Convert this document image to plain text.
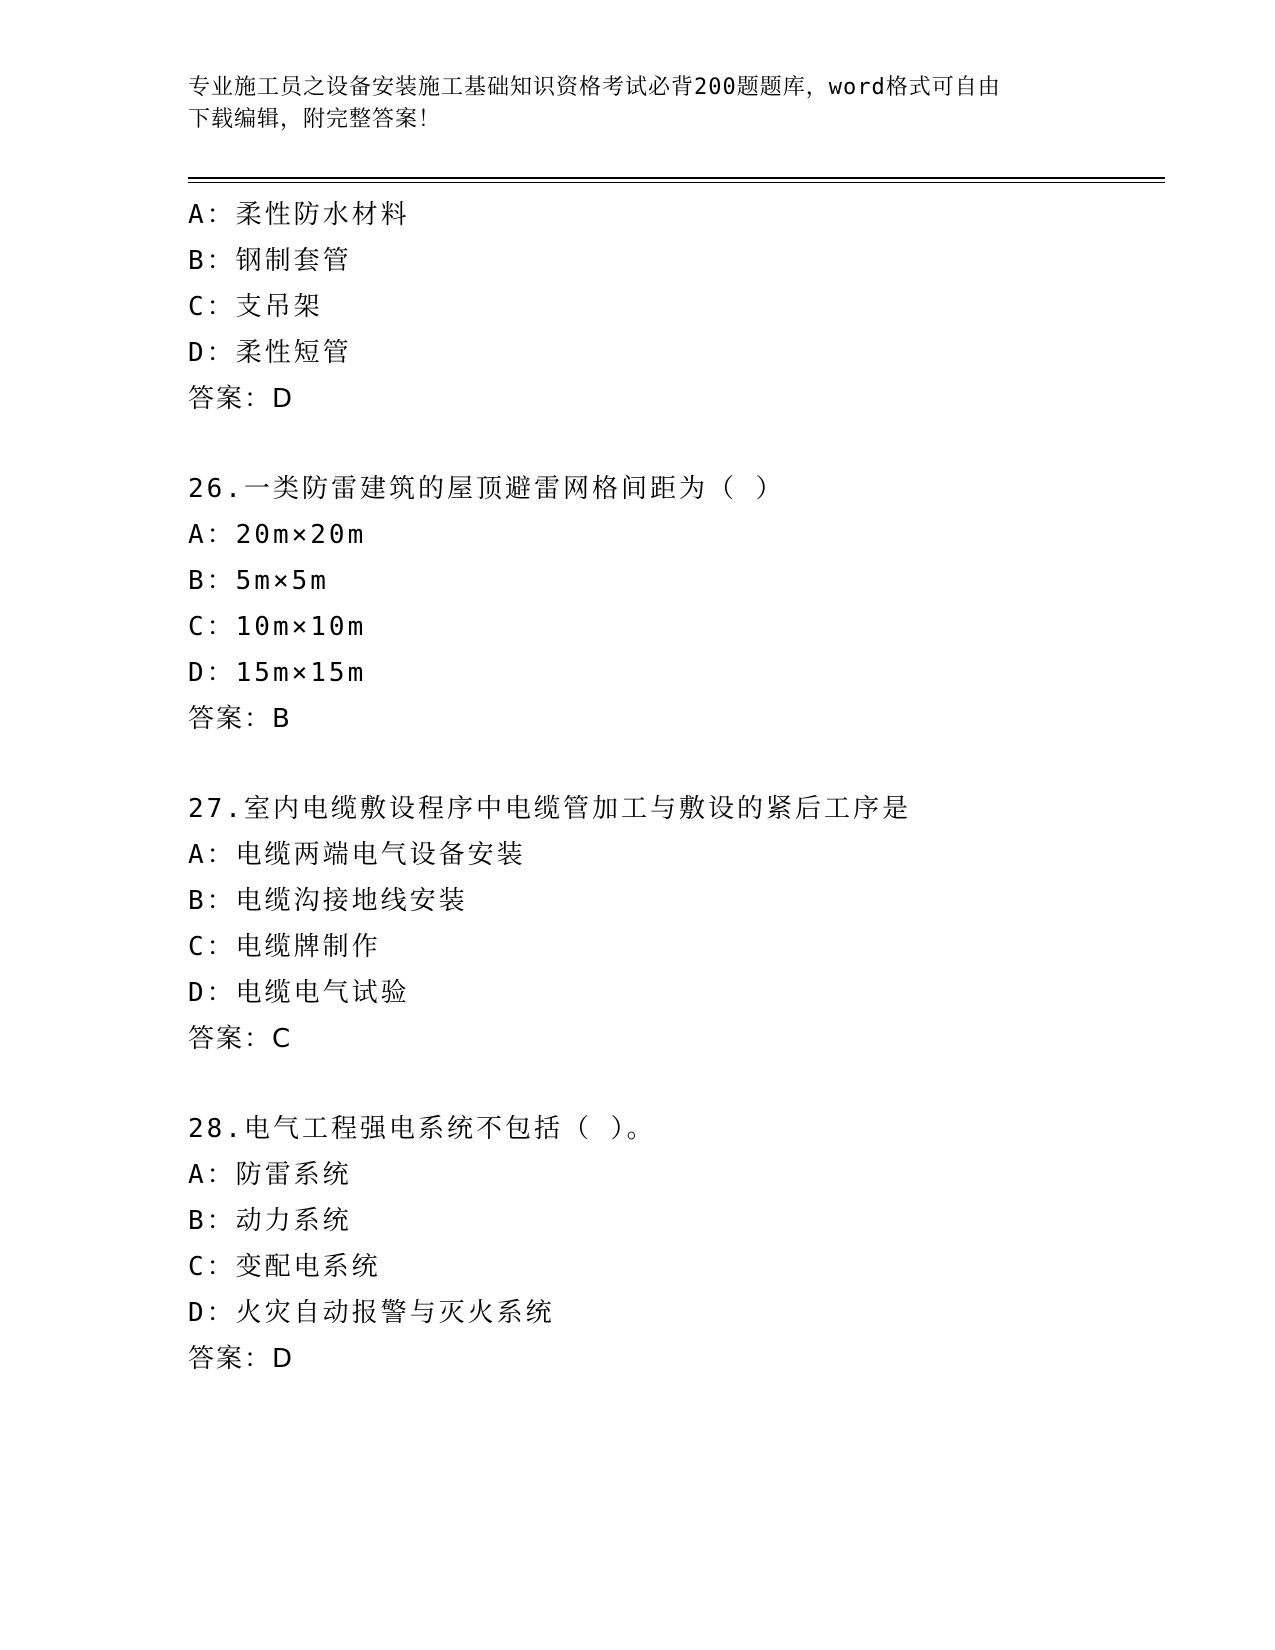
专业施工员之设备安装施工基础知识资格考试必背200题题库，word格式可自由
下载编辑，附完整答案！
A：柔性防水材料
B：钢制套管
C：支吊架
D：柔性短管
答案：D
26.一类防雷建筑的屋顶避雷网格间距为（ ）
A：20m×20m
B：5m×5m
C：10m×10m
D：15m×15m
答案：B
27.室内电缆敷设程序中电缆管加工与敷设的紧后工序是
A：电缆两端电气设备安装
B：电缆沟接地线安装
C：电缆牌制作
D：电缆电气试验
答案：C
28.电气工程强电系统不包括（ ）。
A：防雷系统
B：动力系统
C：变配电系统
D：火灾自动报警与灭火系统
答案：D
